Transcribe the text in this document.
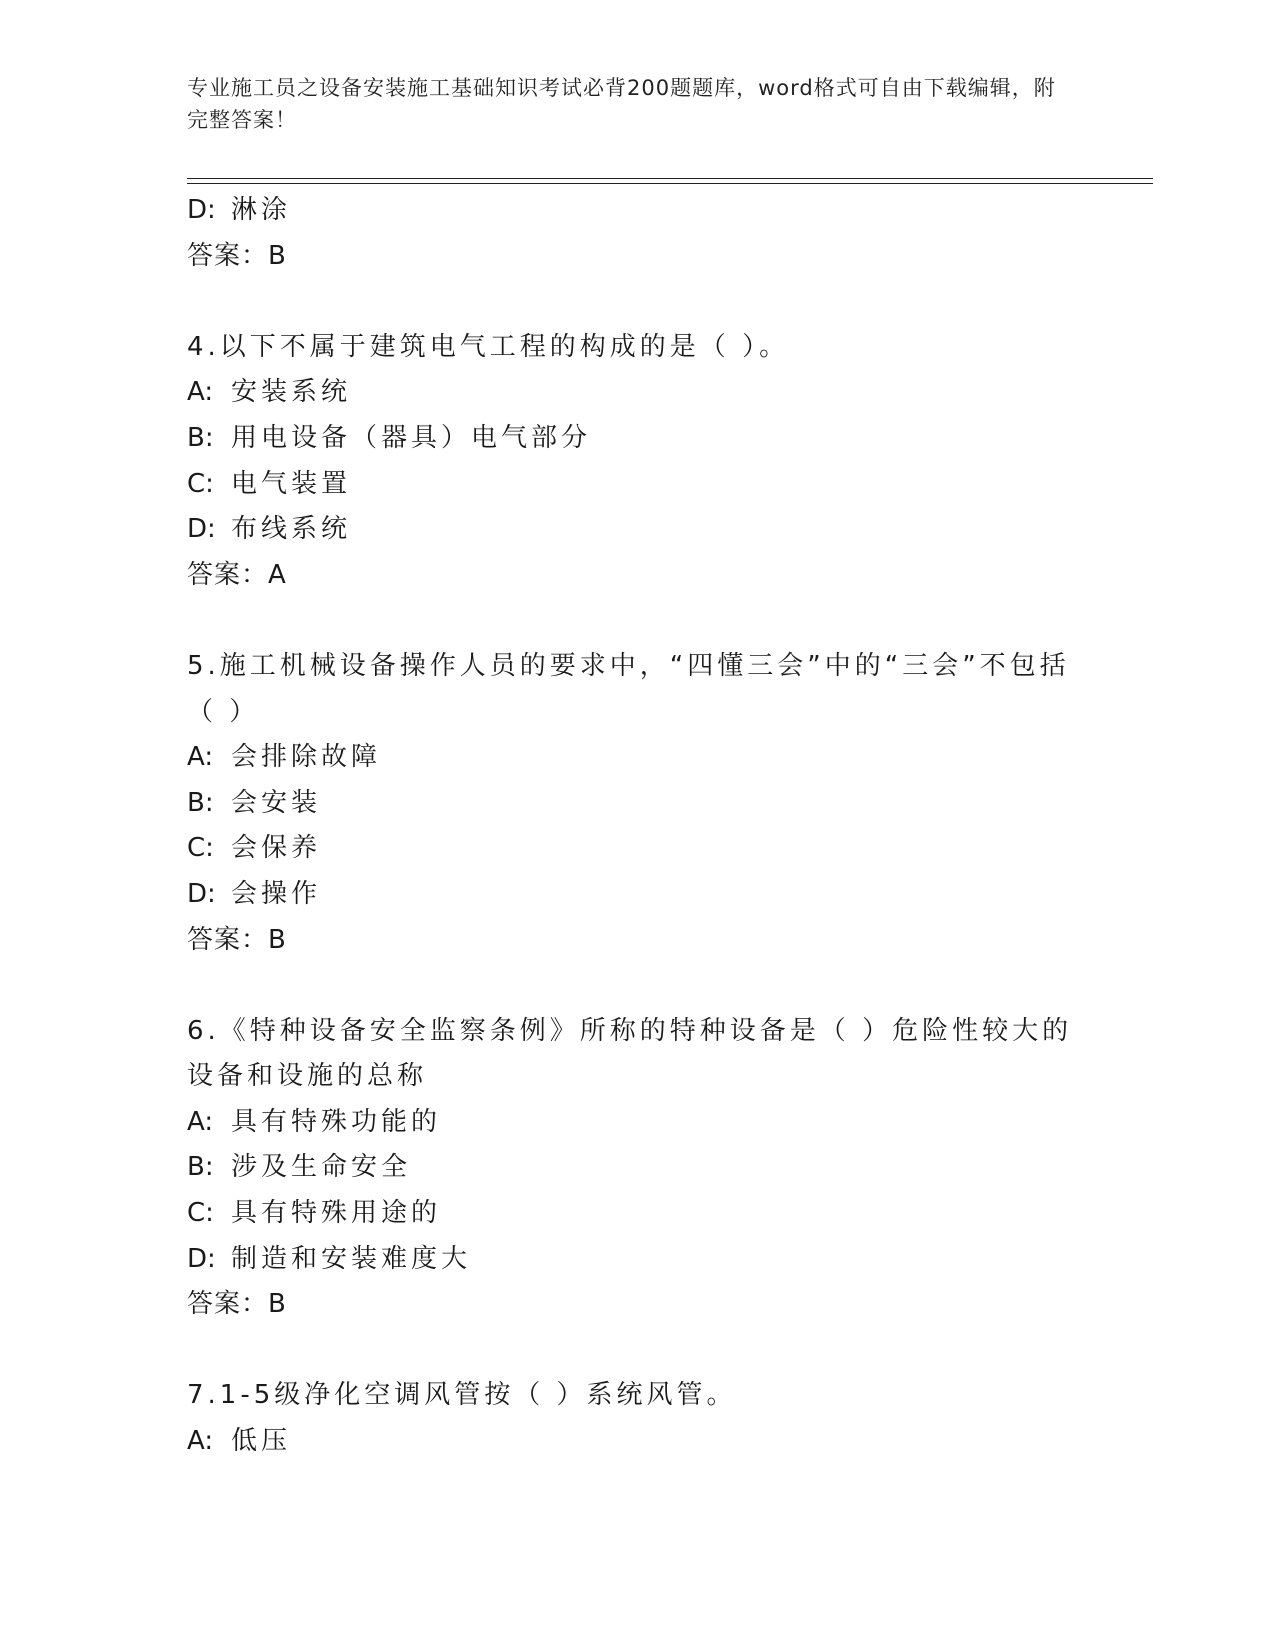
专业施工员之设备安装施工基础知识考试必背200题题库，word格式可自由下载编辑，附完整答案！
D: 淋涂
答案：B
4.以下不属于建筑电气工程的构成的是（ ）。
A: 安装系统
B: 用电设备（器具）电气部分
C: 电气装置
D: 布线系统
答案：A
5.施工机械设备操作人员的要求中，“四懂三会”中的“三会”不包括（ ）
A: 会排除故障
B: 会安装
C: 会保养
D: 会操作
答案：B
6.《特种设备安全监察条例》所称的特种设备是（ ）危险性较大的设备和设施的总称
A: 具有特殊功能的
B: 涉及生命安全
C: 具有特殊用途的
D: 制造和安装难度大
答案：B
7.1-5级净化空调风管按（ ）系统风管。
A: 低压
